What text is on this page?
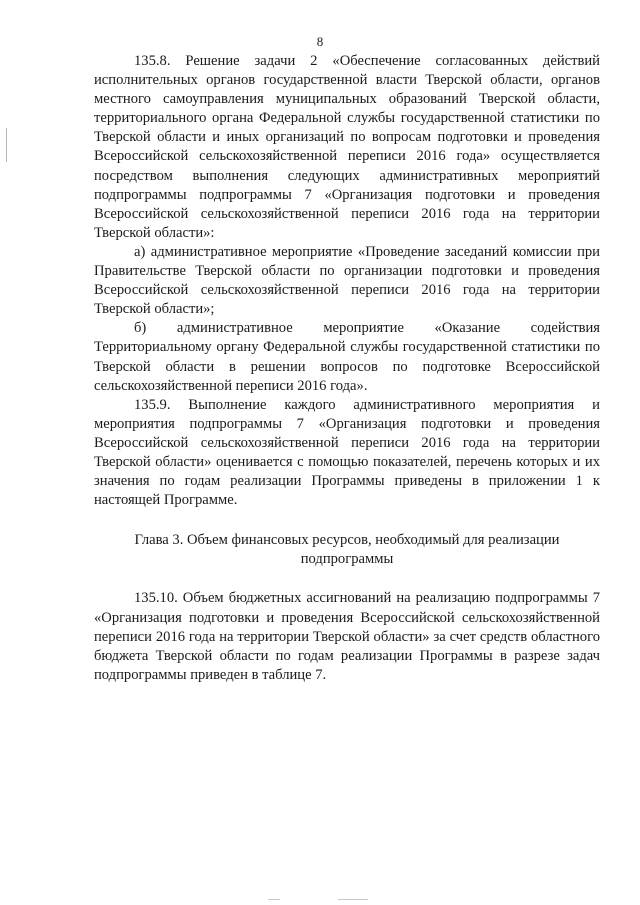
8

135.8. Решение задачи 2 «Обеспечение согласованных действий исполнительных органов государственной власти Тверской области, органов местного самоуправления муниципальных образований Тверской области, территориального органа Федеральной службы государственной статистики по Тверской области и иных организаций по вопросам подготовки и проведения Всероссийской сельскохозяйственной переписи 2016 года» осуществляется посредством выполнения следующих административных мероприятий подпрограммы подпрограммы 7 «Организация подготовки и проведения Всероссийской сельскохозяйственной переписи 2016 года на территории Тверской области»:

а) административное мероприятие «Проведение заседаний комиссии при Правительстве Тверской области по организации подготовки и проведения Всероссийской сельскохозяйственной переписи 2016 года на территории Тверской области»;

б) административное мероприятие «Оказание содействия Территориальному органу Федеральной службы государственной статистики по Тверской области в решении вопросов по подготовке Всероссийской сельскохозяйственной переписи 2016 года».

135.9. Выполнение каждого административного мероприятия и мероприятия подпрограммы 7 «Организация подготовки и проведения Всероссийской сельскохозяйственной переписи 2016 года на территории Тверской области» оценивается с помощью показателей, перечень которых и их значения по годам реализации Программы приведены в приложении 1 к настоящей Программе.

Глава 3. Объем финансовых ресурсов, необходимый для реализации подпрограммы

135.10. Объем бюджетных ассигнований на реализацию подпрограммы 7 «Организация подготовки и проведения Всероссийской сельскохозяйственной переписи 2016 года на территории Тверской области» за счет средств областного бюджета Тверской области по годам реализации Программы в разрезе задач подпрограммы приведен в таблице 7.
